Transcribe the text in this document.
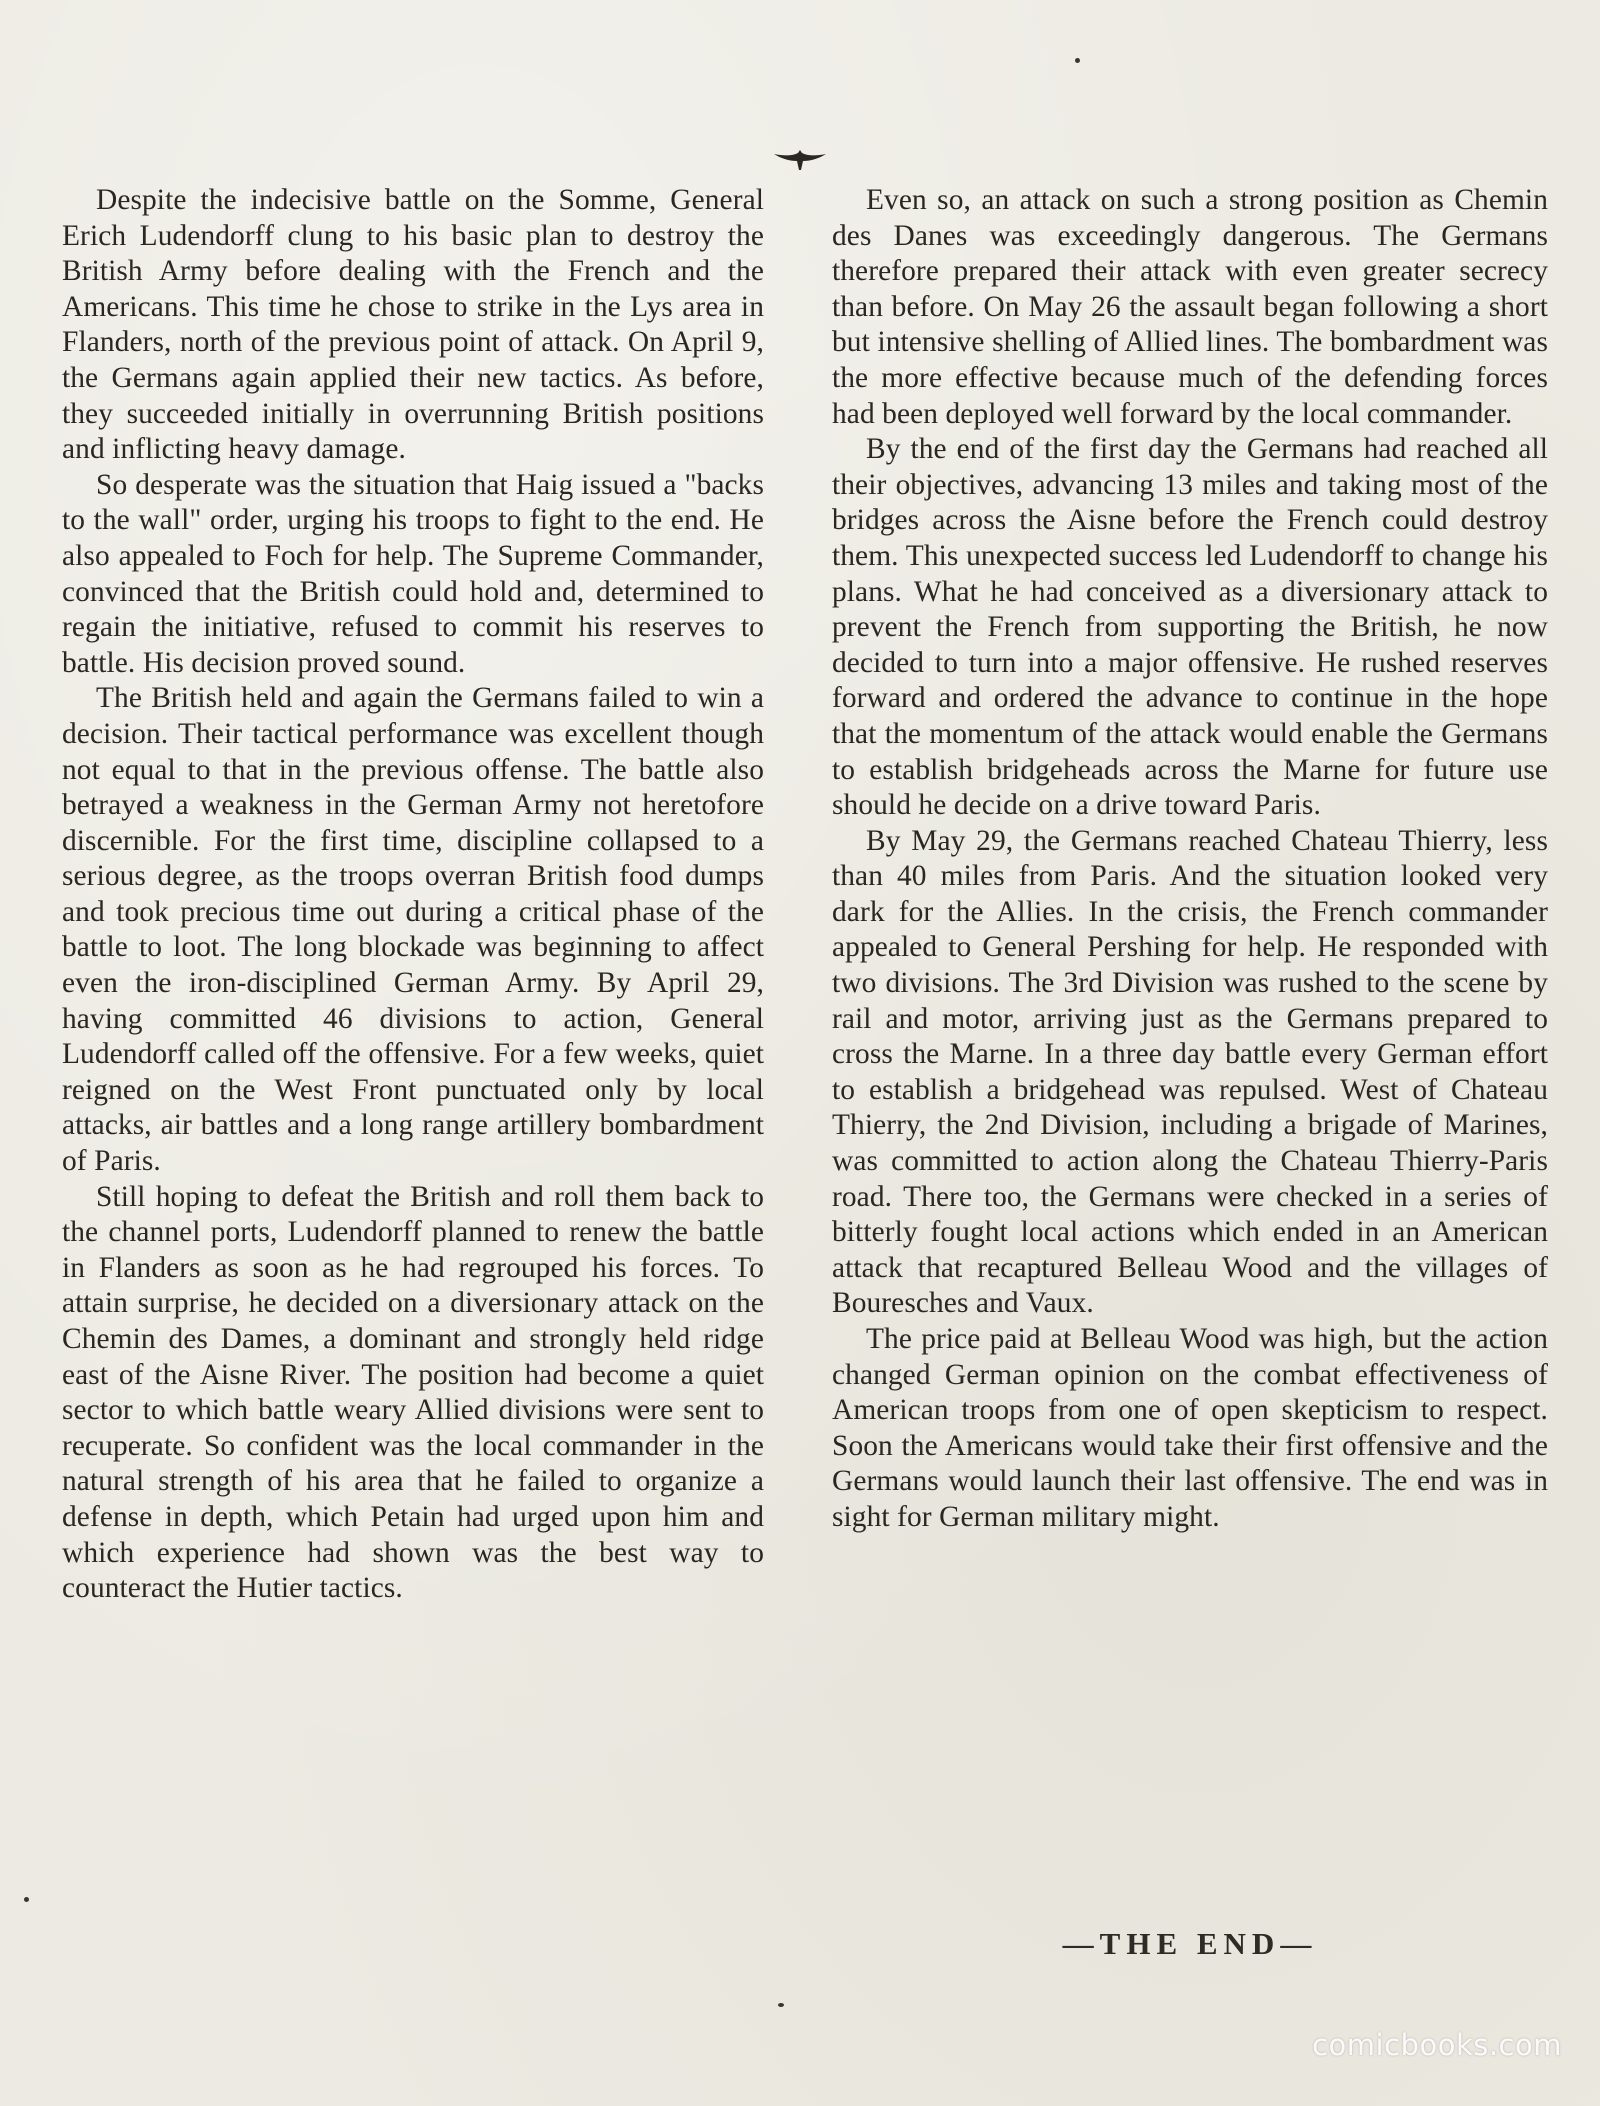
Despite the indecisive battle on the Somme, General Erich Ludendorff clung to his basic plan to destroy the British Army before dealing with the French and the Americans. This time he chose to strike in the Lys area in Flanders, north of the previous point of attack. On April 9, the Germans again applied their new tactics. As before, they succeeded initially in overrunning British positions and inflicting heavy damage.

So desperate was the situation that Haig issued a "backs to the wall" order, urging his troops to fight to the end. He also appealed to Foch for help. The Supreme Commander, convinced that the British could hold and, determined to regain the initiative, refused to commit his reserves to battle. His decision proved sound.

The British held and again the Germans failed to win a decision. Their tactical performance was excellent though not equal to that in the previous offense. The battle also betrayed a weakness in the German Army not heretofore discernible. For the first time, discipline collapsed to a serious degree, as the troops overran British food dumps and took precious time out during a critical phase of the battle to loot. The long blockade was beginning to affect even the iron-disciplined German Army. By April 29, having committed 46 divisions to action, General Ludendorff called off the offensive. For a few weeks, quiet reigned on the West Front punctuated only by local attacks, air battles and a long range artillery bombardment of Paris.

Still hoping to defeat the British and roll them back to the channel ports, Ludendorff planned to renew the battle in Flanders as soon as he had regrouped his forces. To attain surprise, he decided on a diversionary attack on the Chemin des Dames, a dominant and strongly held ridge east of the Aisne River. The position had become a quiet sector to which battle weary Allied divisions were sent to recuperate. So confident was the local commander in the natural strength of his area that he failed to organize a defense in depth, which Petain had urged upon him and which experience had shown was the best way to counteract the Hutier tactics.

Even so, an attack on such a strong position as Chemin des Danes was exceedingly dangerous. The Germans therefore prepared their attack with even greater secrecy than before. On May 26 the assault began following a short but intensive shelling of Allied lines. The bombardment was the more effective because much of the defending forces had been deployed well forward by the local commander.

By the end of the first day the Germans had reached all their objectives, advancing 13 miles and taking most of the bridges across the Aisne before the French could destroy them. This unexpected success led Ludendorff to change his plans. What he had conceived as a diversionary attack to prevent the French from supporting the British, he now decided to turn into a major offensive. He rushed reserves forward and ordered the advance to continue in the hope that the momentum of the attack would enable the Germans to establish bridgeheads across the Marne for future use should he decide on a drive toward Paris.

By May 29, the Germans reached Chateau Thierry, less than 40 miles from Paris. And the situation looked very dark for the Allies. In the crisis, the French commander appealed to General Pershing for help. He responded with two divisions. The 3rd Division was rushed to the scene by rail and motor, arriving just as the Germans prepared to cross the Marne. In a three day battle every German effort to establish a bridgehead was repulsed. West of Chateau Thierry, the 2nd Division, including a brigade of Marines, was committed to action along the Chateau Thierry-Paris road. There too, the Germans were checked in a series of bitterly fought local actions which ended in an American attack that recaptured Belleau Wood and the villages of Bouresches and Vaux.

The price paid at Belleau Wood was high, but the action changed German opinion on the combat effectiveness of American troops from one of open skepticism to respect. Soon the Americans would take their first offensive and the Germans would launch their last offensive. The end was in sight for German military might.

—THE END—
comicbooks.com
